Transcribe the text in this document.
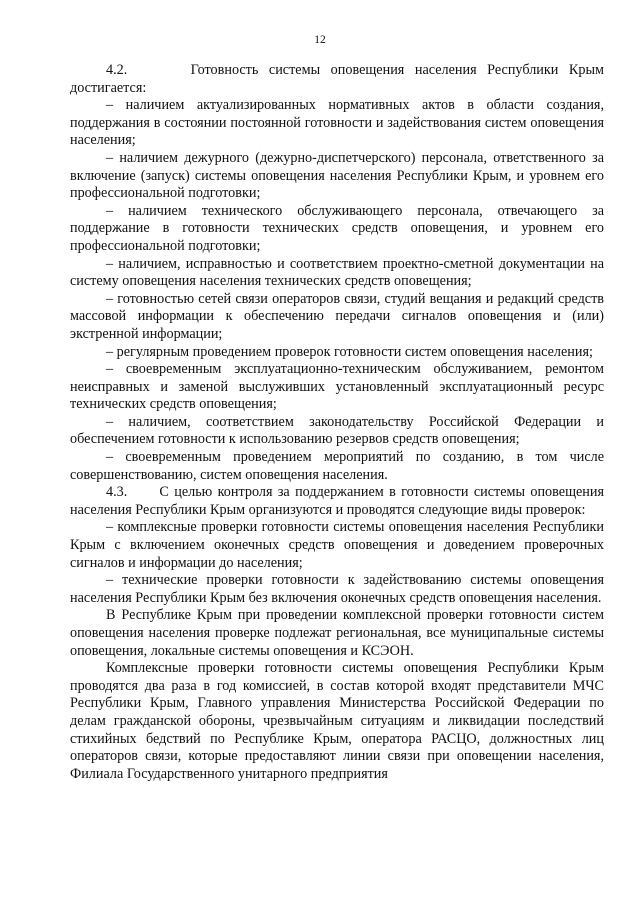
12

4.2.      Готовность системы оповещения населения Республики Крым достигается:

– наличием актуализированных нормативных актов в области создания, поддержания в состоянии постоянной готовности и задействования систем оповещения населения;

– наличием дежурного (дежурно-диспетчерского) персонала, ответственного за включение (запуск) системы оповещения населения Республики Крым, и уровнем его профессиональной подготовки;

– наличием технического обслуживающего персонала, отвечающего за поддержание в готовности технических средств оповещения, и уровнем его профессиональной подготовки;

– наличием, исправностью и соответствием проектно-сметной документации на систему оповещения населения технических средств оповещения;

– готовностью сетей связи операторов связи, студий вещания и редакций средств массовой информации к обеспечению передачи сигналов оповещения и (или) экстренной информации;

– регулярным проведением проверок готовности систем оповещения населения;

– своевременным эксплуатационно-техническим обслуживанием, ремонтом неисправных и заменой выслуживших установленный эксплуатационный ресурс технических средств оповещения;

– наличием, соответствием законодательству Российской Федерации и обеспечением готовности к использованию резервов средств оповещения;

– своевременным проведением мероприятий по созданию, в том числе совершенствованию, систем оповещения населения.

4.3.      С целью контроля за поддержанием в готовности системы оповещения населения Республики Крым организуются и проводятся следующие виды проверок:

– комплексные проверки готовности системы оповещения населения Республики Крым с включением оконечных средств оповещения и доведением проверочных сигналов и информации до населения;

– технические проверки готовности к задействованию системы оповещения населения Республики Крым без включения оконечных средств оповещения населения.

В Республике Крым при проведении комплексной проверки готовности систем оповещения населения проверке подлежат региональная, все муниципальные системы оповещения, локальные системы оповещения и КСЭОН.

Комплексные проверки готовности системы оповещения Республики Крым проводятся два раза в год комиссией, в состав которой входят представители МЧС Республики Крым, Главного управления Министерства Российской Федерации по делам гражданской обороны, чрезвычайным ситуациям и ликвидации последствий стихийных бедствий по Республике Крым, оператора РАСЦО, должностных лиц операторов связи, которые предоставляют линии связи при оповещении населения, Филиала Государственного унитарного предприятия
